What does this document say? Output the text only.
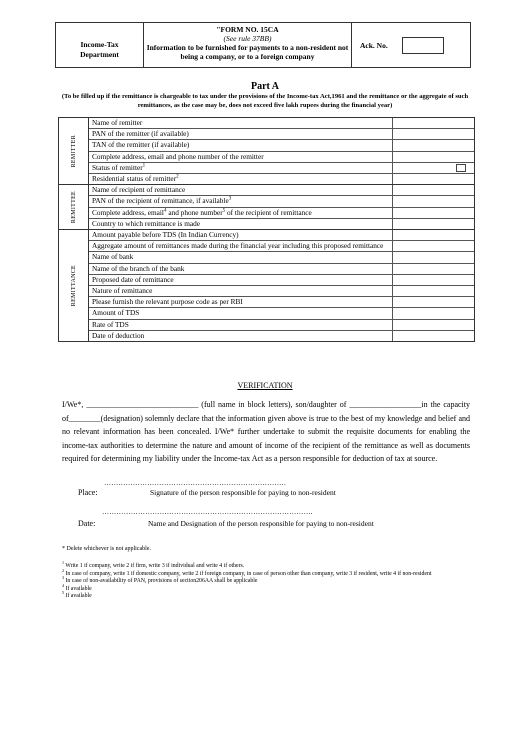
Income-Tax
Department
"FORM NO. 15CA
(See rule 37BB)
Information to be furnished for payments to a non-resident not being a company, or to a foreign company
Ack. No.
Part A
(To be filled up if the remittance is chargeable to tax under the provisions of the Income-tax Act,1961 and the remittance or the aggregate of such remittances, as the case may be, does not exceed five lakh rupees during the financial year)
REMITTER
Name of remitter
PAN of the remitter (if available)
TAN of the remitter (if available)
Complete address, email and phone number of the remitter
Status of remitter$^1$
Residential status of remitter$^2$
REMITTEE
Name of recipient of remittance
PAN of the recipient of remittance, if available$^3$
Complete address, email$^4$ and phone number$^5$ of the recipient of remittance
Country to which remittance is made
REMITTANCE
Amount payable before TDS (In Indian Currency)
Aggregate amount of remittances made during the financial year including this proposed remittance
Name of bank
Name of the branch of the bank
Proposed date of remittance
Nature of remittance
Please furnish the relevant purpose code as per RBI
Amount of TDS
Rate of TDS
Date of deduction
VERIFICATION
I/We*, ____________________________ (full name in block letters), son/daughter of __________________in the capacity of________(designation) solemnly declare that the information given above is true to the best of my knowledge and belief and no relevant information has been concealed. I/We* further undertake to submit the requisite documents for enabling the income-tax authorities to determine the nature and amount of income of the recipient of the remittance as well as documents required for determining my liability under the Income-tax Act as a person responsible for deduction of tax at source.
………………………………………………………………….
Place:	Signature of the person responsible for paying to non-resident
…………………………………………………………………………….
Date:	Name and Designation of the person responsible for paying to non-resident
* Delete whichever is not applicable.
$^1$ Write 1 if company, write 2 if firm, write 3 if individual and write 4 if others.
$^2$ In case of company, write 1 if domestic company, write 2 if foreign company, in case of person other than company, write 3 if resident, write 4 if non-resident
$^3$ In case of non-availability of PAN, provisions of section206AA shall be applicable
$^4$ If available
$^5$ If available
